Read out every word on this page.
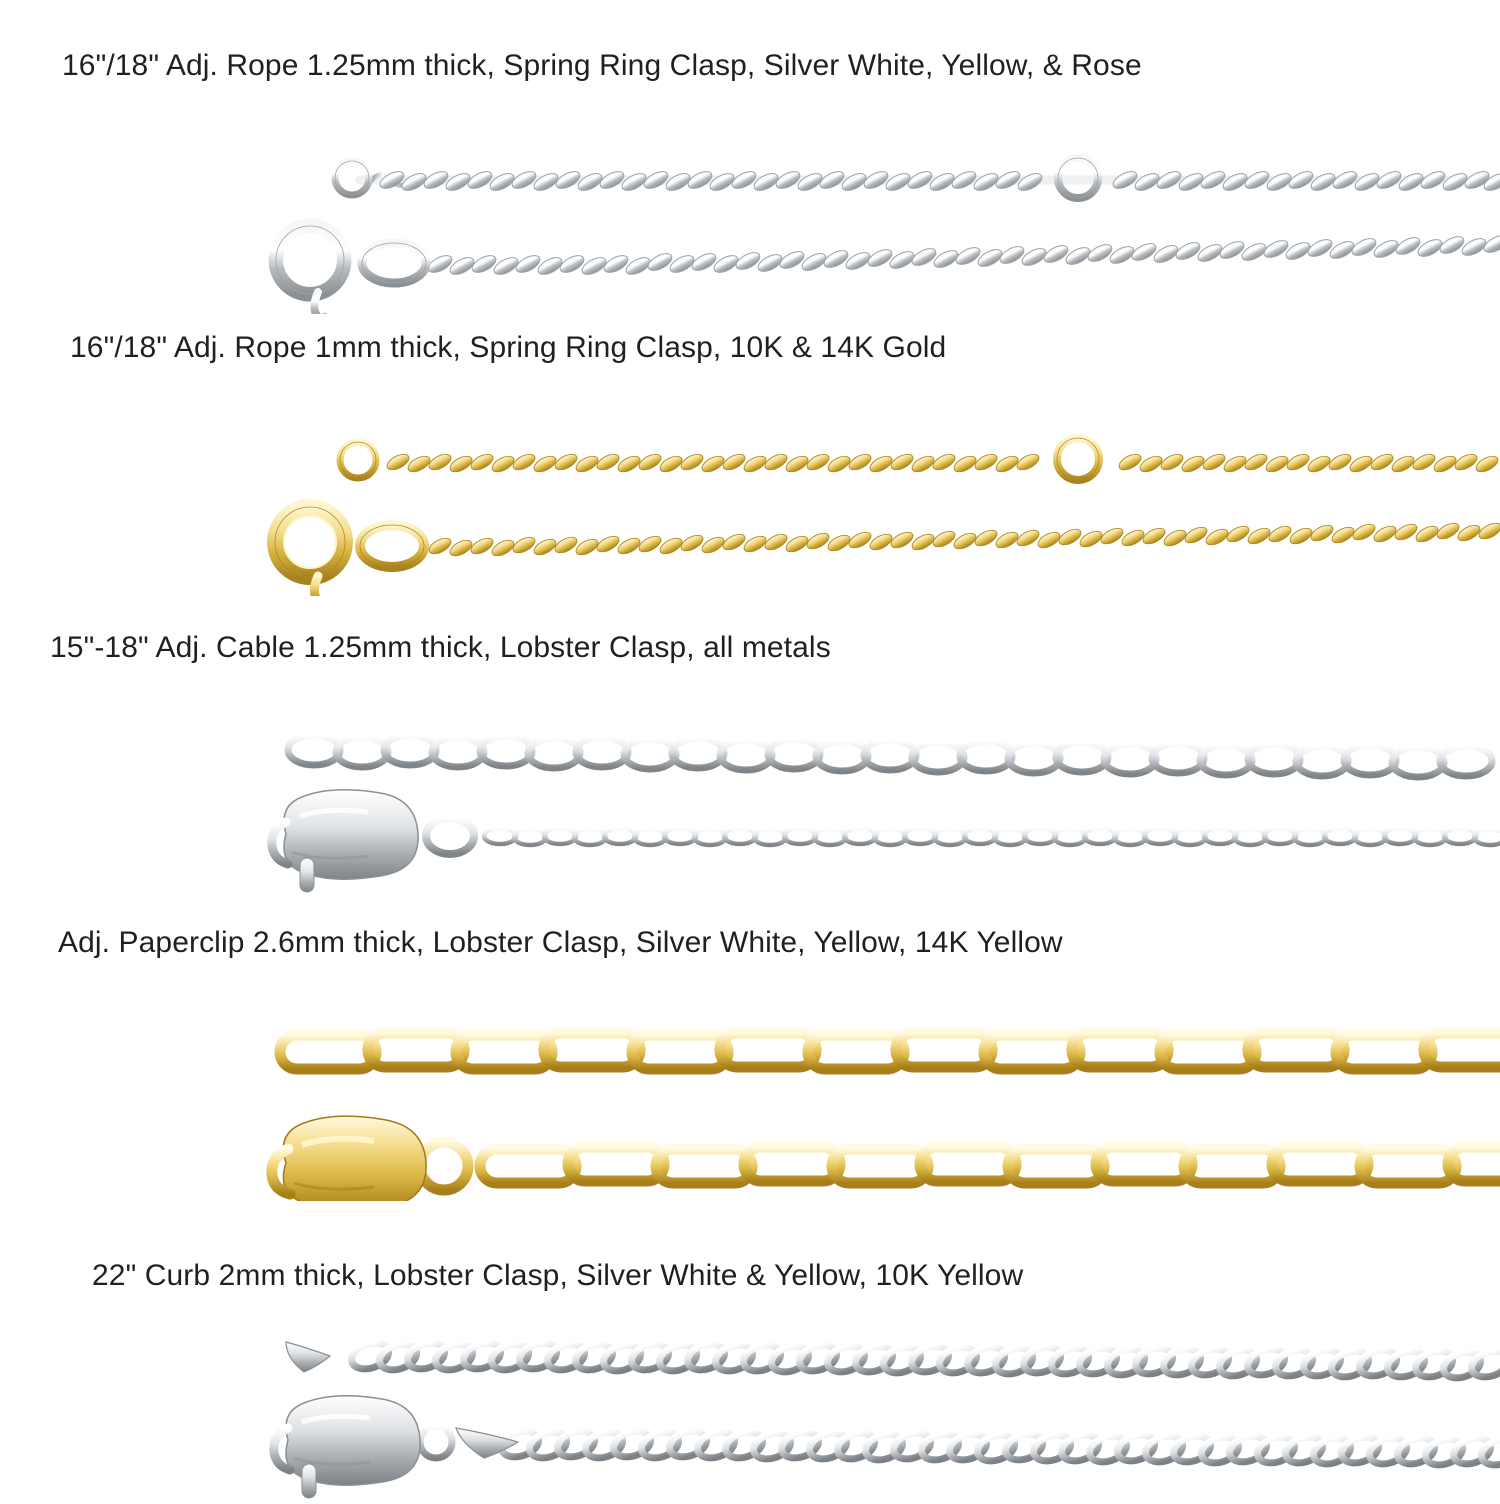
16"/18" Adj. Rope 1.25mm thick, Spring Ring Clasp, Silver White, Yellow, & Rose
16"/18" Adj. Rope 1mm thick, Spring Ring Clasp, 10K & 14K Gold
15"-18" Adj. Cable 1.25mm thick, Lobster Clasp, all metals
Adj. Paperclip 2.6mm thick, Lobster Clasp, Silver White, Yellow, 14K Yellow
22" Curb 2mm thick, Lobster Clasp, Silver White & Yellow, 10K Yellow
